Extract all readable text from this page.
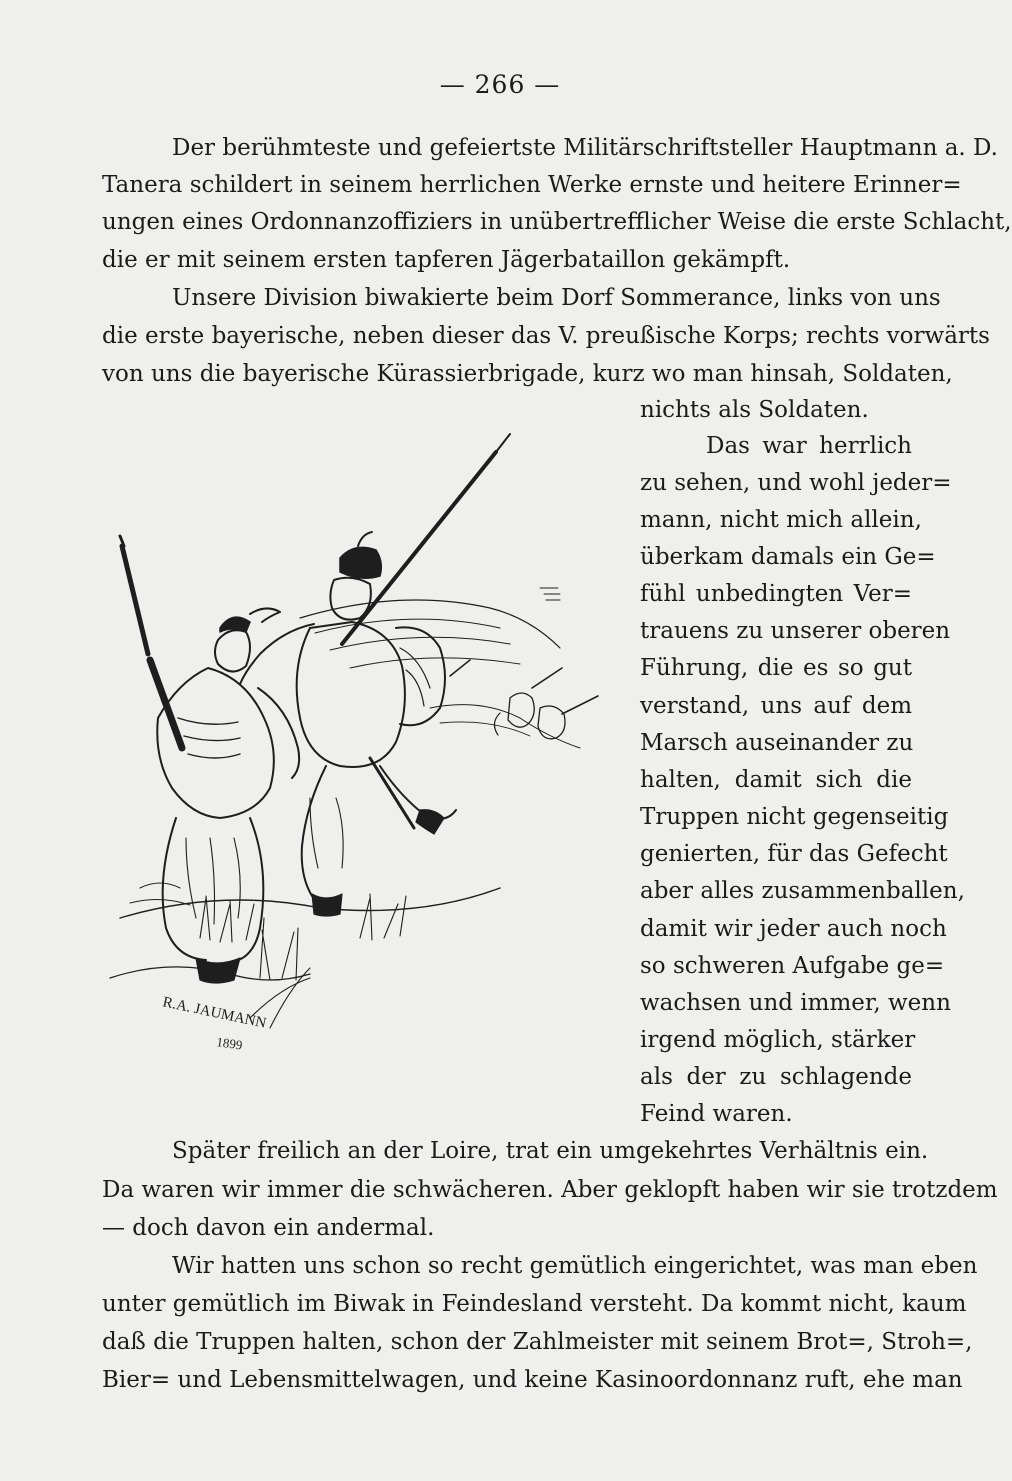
— 266 —
Der berühmteste und gefeiertste Militärschriftsteller Hauptmann a. D.
Tanera schildert in seinem herrlichen Werke ernste und heitere Erinner=
ungen eines Ordonnanzoffiziers in unübertrefflicher Weise die erste Schlacht,
die er mit seinem ersten tapferen Jägerbataillon gekämpft.
Unsere Division biwakierte beim Dorf Sommerance, links von uns
die erste bayerische, neben dieser das V. preußische Korps; rechts vorwärts
von uns die bayerische Kürassierbrigade, kurz wo man hinsah, Soldaten,
nichts als Soldaten.
Das war herrlich
zu sehen, und wohl jeder=
mann, nicht mich allein,
überkam damals ein Ge=
fühl unbedingten Ver=
trauens zu unserer oberen
Führung, die es so gut
verstand, uns auf dem
Marsch auseinander zu
halten, damit sich die
Truppen nicht gegenseitig
genierten, für das Gefecht
aber alles zusammenballen,
damit wir jeder auch noch
so schweren Aufgabe ge=
wachsen und immer, wenn
irgend möglich, stärker
als der zu schlagende
Feind waren.
Später freilich an der Loire, trat ein umgekehrtes Verhältnis ein.
Da waren wir immer die schwächeren. Aber geklopft haben wir sie trotzdem
— doch davon ein andermal.
Wir hatten uns schon so recht gemütlich eingerichtet, was man eben
unter gemütlich im Biwak in Feindesland versteht. Da kommt nicht, kaum
daß die Truppen halten, schon der Zahlmeister mit seinem Brot=, Stroh=,
Bier= und Lebensmittelwagen, und keine Kasinoordonnanz ruft, ehe man
R.A. JAUMANN
1899
